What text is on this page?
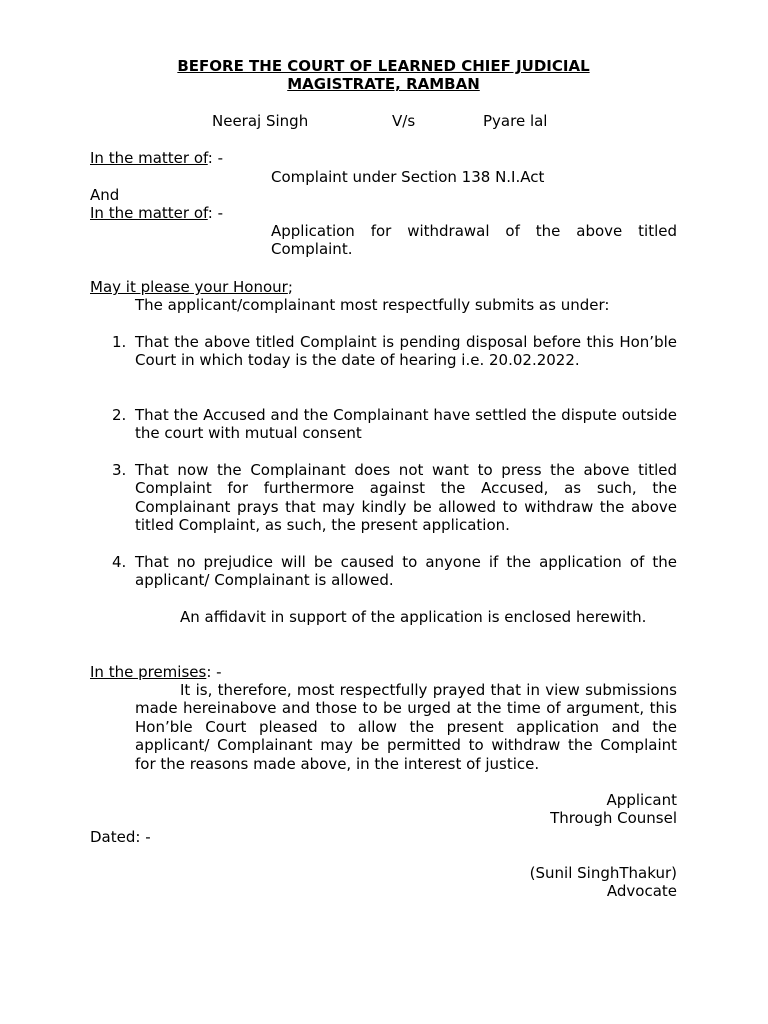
BEFORE THE COURT OF LEARNED CHIEF JUDICIAL
MAGISTRATE, RAMBAN
Neeraj Singh	V/s	Pyare lal
In the matter of: -
Complaint under Section 138 N.I.Act
And
In the matter of: -
Application for withdrawal of the above titled Complaint.
May it please your Honour;
The applicant/complainant most respectfully submits as under:
1. That the above titled Complaint is pending disposal before this Hon’ble Court in which today is the date of hearing i.e. 20.02.2022.
2. That the Accused and the Complainant have settled the dispute outside the court with mutual consent
3. That now the Complainant does not want to press the above titled Complaint for furthermore against the Accused, as such, the Complainant prays that may kindly be allowed to withdraw the above titled Complaint, as such, the present application.
4. That no prejudice will be caused to anyone if the application of the applicant/ Complainant is allowed.
An affidavit in support of the application is enclosed herewith.
In the premises: -
It is, therefore, most respectfully prayed that in view submissions made hereinabove and those to be urged at the time of argument, this Hon’ble Court pleased to allow the present application and the applicant/ Complainant may be permitted to withdraw the Complaint for the reasons made above, in the interest of justice.
Applicant
Through Counsel
Dated: -
(Sunil SinghThakur)
Advocate
